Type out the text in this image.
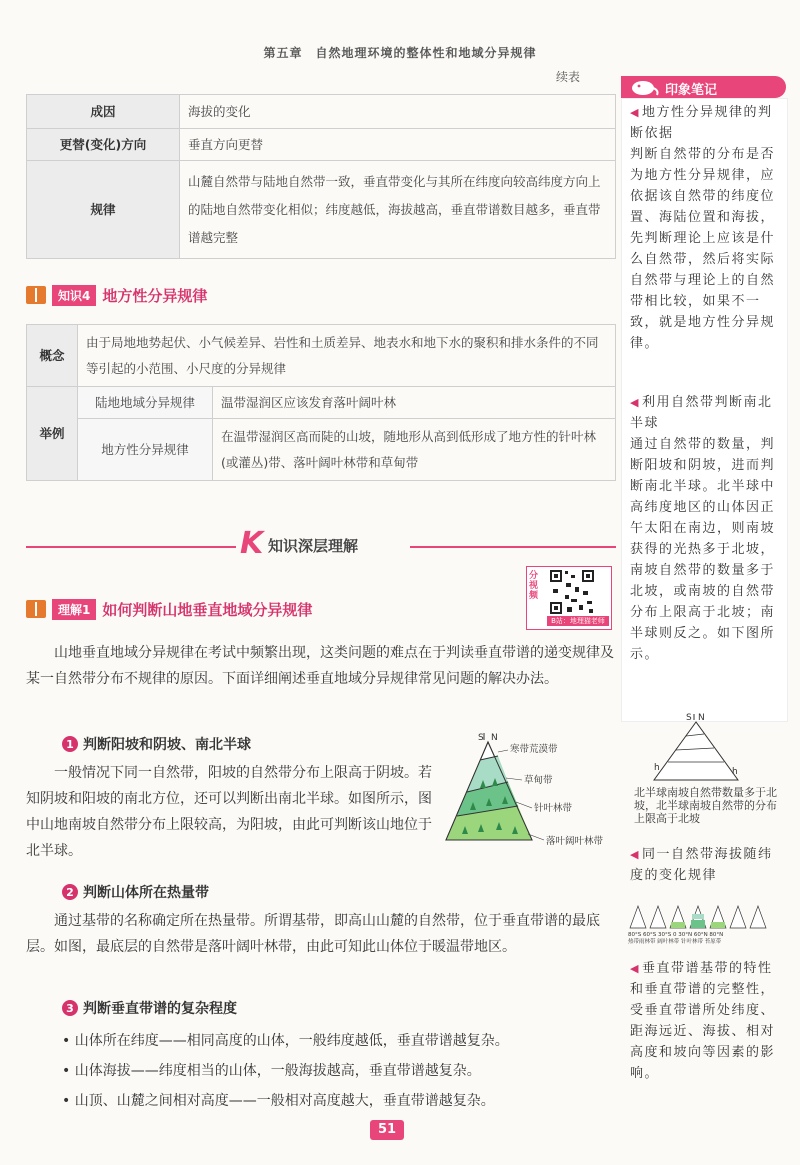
第五章　自然地理环境的整体性和地域分异规律
续表
成因	海拔的变化
更替(变化)方向	垂直方向更替
规律	山麓自然带与陆地自然带一致，垂直带变化与其所在纬度向较高纬度方向上的陆地自然带变化相似；纬度越低，海拔越高，垂直带谱数目越多，垂直带谱越完整
知识4 地方性分异规律
概念	由于局地地势起伏、小气候差异、岩性和土质差异、地表水和地下水的聚积和排水条件的不同等引起的小范围、小尺度的分异规律	
举例	陆地地域分异规律	温带湿润区应该发育落叶阔叶林
	地方性分异规律	在温带湿润区高而陡的山坡，随地形从高到低形成了地方性的针叶林(或灌丛)带、落叶阔叶林带和草甸带
K 知识深层理解
理解1 如何判断山地垂直地域分异规律
分视频
B站：地理猫老师
山地垂直地域分异规律在考试中频繁出现，这类问题的难点在于判读垂直带谱的递变规律及某一自然带分布不规律的原因。下面详细阐述垂直地域分异规律常见问题的解决办法。
1 判断阳坡和阴坡、南北半球
一般情况下同一自然带，阳坡的自然带分布上限高于阴坡。若知阴坡和阳坡的南北方位，还可以判断出南北半球。如图所示，图中山地南坡自然带分布上限较高，为阳坡，由此可判断该山地位于北半球。
S N
寒带荒漠带
草甸带
针叶林带
落叶阔叶林带
2 判断山体所在热量带
通过基带的名称确定所在热量带。所谓基带，即高山山麓的自然带，位于垂直带谱的最底层。如图，最底层的自然带是落叶阔叶林带，由此可知此山体位于暖温带地区。
3 判断垂直带谱的复杂程度
• 山体所在纬度——相同高度的山体，一般纬度越低，垂直带谱越复杂。
• 山体海拔——纬度相当的山体，一般海拔越高，垂直带谱越复杂。
• 山顶、山麓之间相对高度——一般相对高度越大，垂直带谱越复杂。
51
印象笔记
◀ 地方性分异规律的判断依据
判断自然带的分布是否为地方性分异规律，应依据该自然带的纬度位置、海陆位置和海拔，先判断理论上应该是什么自然带，然后将实际自然带与理论上的自然带相比较，如果不一致，就是地方性分异规律。
◀ 利用自然带判断南北半球
通过自然带的数量，判断阳坡和阴坡，进而判断南北半球。北半球中高纬度地区的山体因正午太阳在南边，则南坡获得的光热多于北坡，南坡自然带的数量多于北坡，或南坡的自然带分布上限高于北坡；南半球则反之。如下图所示。
S N
h	h
北半球南坡自然带数量多于北坡，北半球南坡自然带的分布上限高于北坡
◀ 同一自然带海拔随纬度的变化规律
80°S 60°S 30°S 0 30°N 60°N 80°N
热带雨林带 阔叶林带 针叶林带 苔原带
◀ 垂直带谱基带的特性和垂直带谱的完整性，受垂直带谱所处纬度、距海远近、海拔、相对高度和坡向等因素的影响。
